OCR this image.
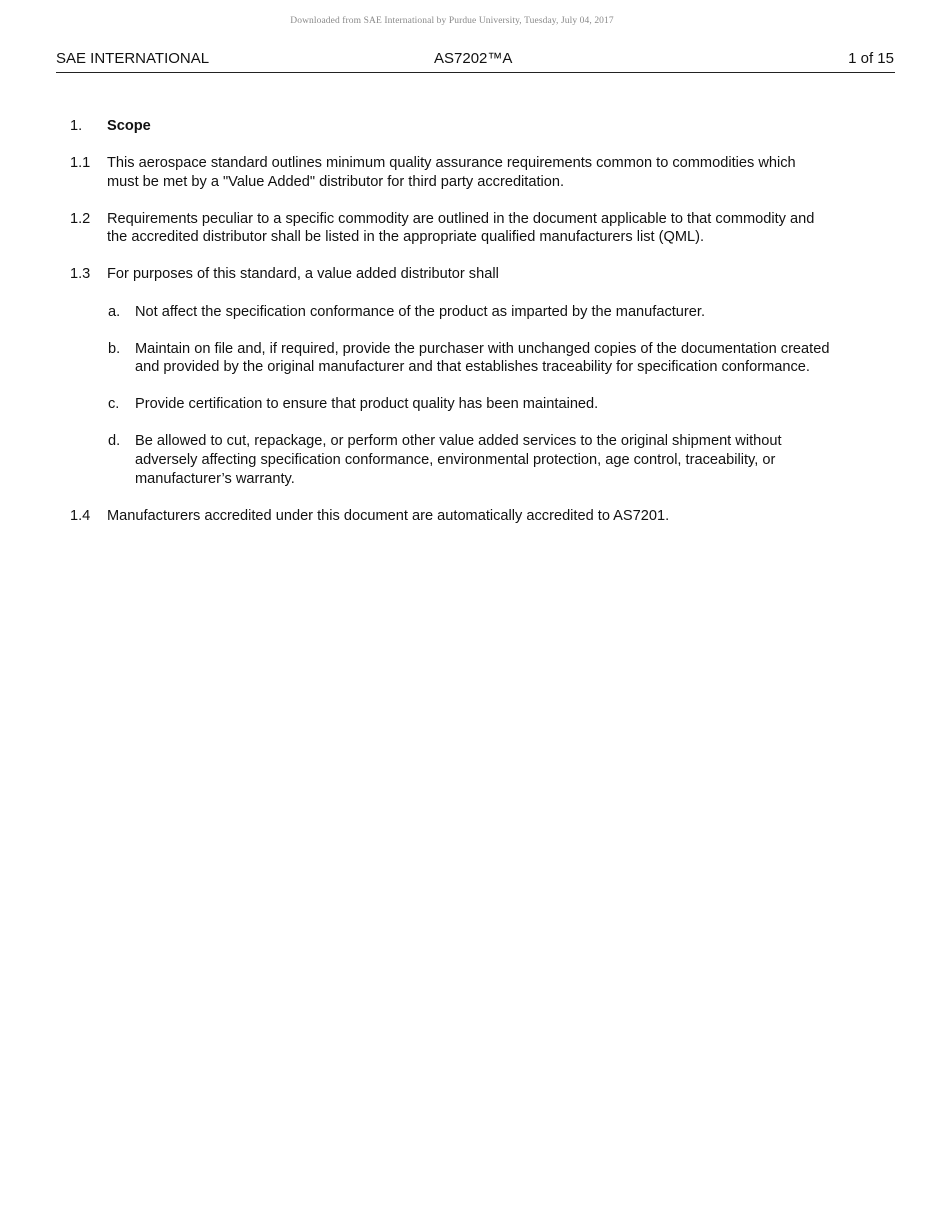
Downloaded from SAE International by Purdue University, Tuesday, July 04, 2017
SAE INTERNATIONAL	AS7202™A	1 of 15
1. Scope
1.1 This aerospace standard outlines minimum quality assurance requirements common to commodities which must be met by a "Value Added" distributor for third party accreditation.
1.2 Requirements peculiar to a specific commodity are outlined in the document applicable to that commodity and the accredited distributor shall be listed in the appropriate qualified manufacturers list (QML).
1.3 For purposes of this standard, a value added distributor shall
a. Not affect the specification conformance of the product as imparted by the manufacturer.
b. Maintain on file and, if required, provide the purchaser with unchanged copies of the documentation created and provided by the original manufacturer and that establishes traceability for specification conformance.
c. Provide certification to ensure that product quality has been maintained.
d. Be allowed to cut, repackage, or perform other value added services to the original shipment without adversely affecting specification conformance, environmental protection, age control, traceability, or manufacturer’s warranty.
1.4 Manufacturers accredited under this document are automatically accredited to AS7201.
